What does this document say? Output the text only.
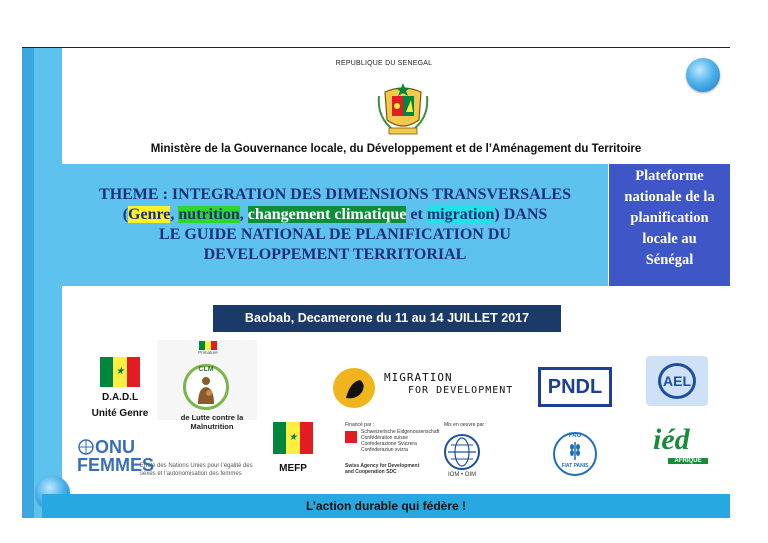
REPUBLIQUE DU SENEGAL
Ministère de la Gouvernance locale, du Développement et de l’Aménagement du Territoire
THEME : INTEGRATION DES DIMENSIONS TRANSVERSALES
(Genre, nutrition, changement climatique et migration) DANS
LE GUIDE NATIONAL DE PLANIFICATION DU
DEVELOPPEMENT TERRITORIAL
Plateforme
nationale de la
planification
locale au
Sénégal
Baobab, Decamerone du 11 au 14 JUILLET 2017
★
D.A.D.L
Unité Genre
Primature
CLM
de Lutte contre la Malnutrition
MIGRATION
FOR DEVELOPMENT	PNDL	AEL
ONU
FEMMES
Entité des Nations Unies pour l’égalité des
sexes et l’autonomisation des femmes
★
MEFP
Financé par :
Schweizerische Eidgenossenschaft
Confédération suisse
Confederazione Svizzera
Confederaziun svizra
Swiss Agency for Development
and Cooperation SDC
Mis en oeuvre par :
IOM • OIM
FAO
FIAT PANIS
iéd
AFRIQUE
L’action durable qui fédère !
